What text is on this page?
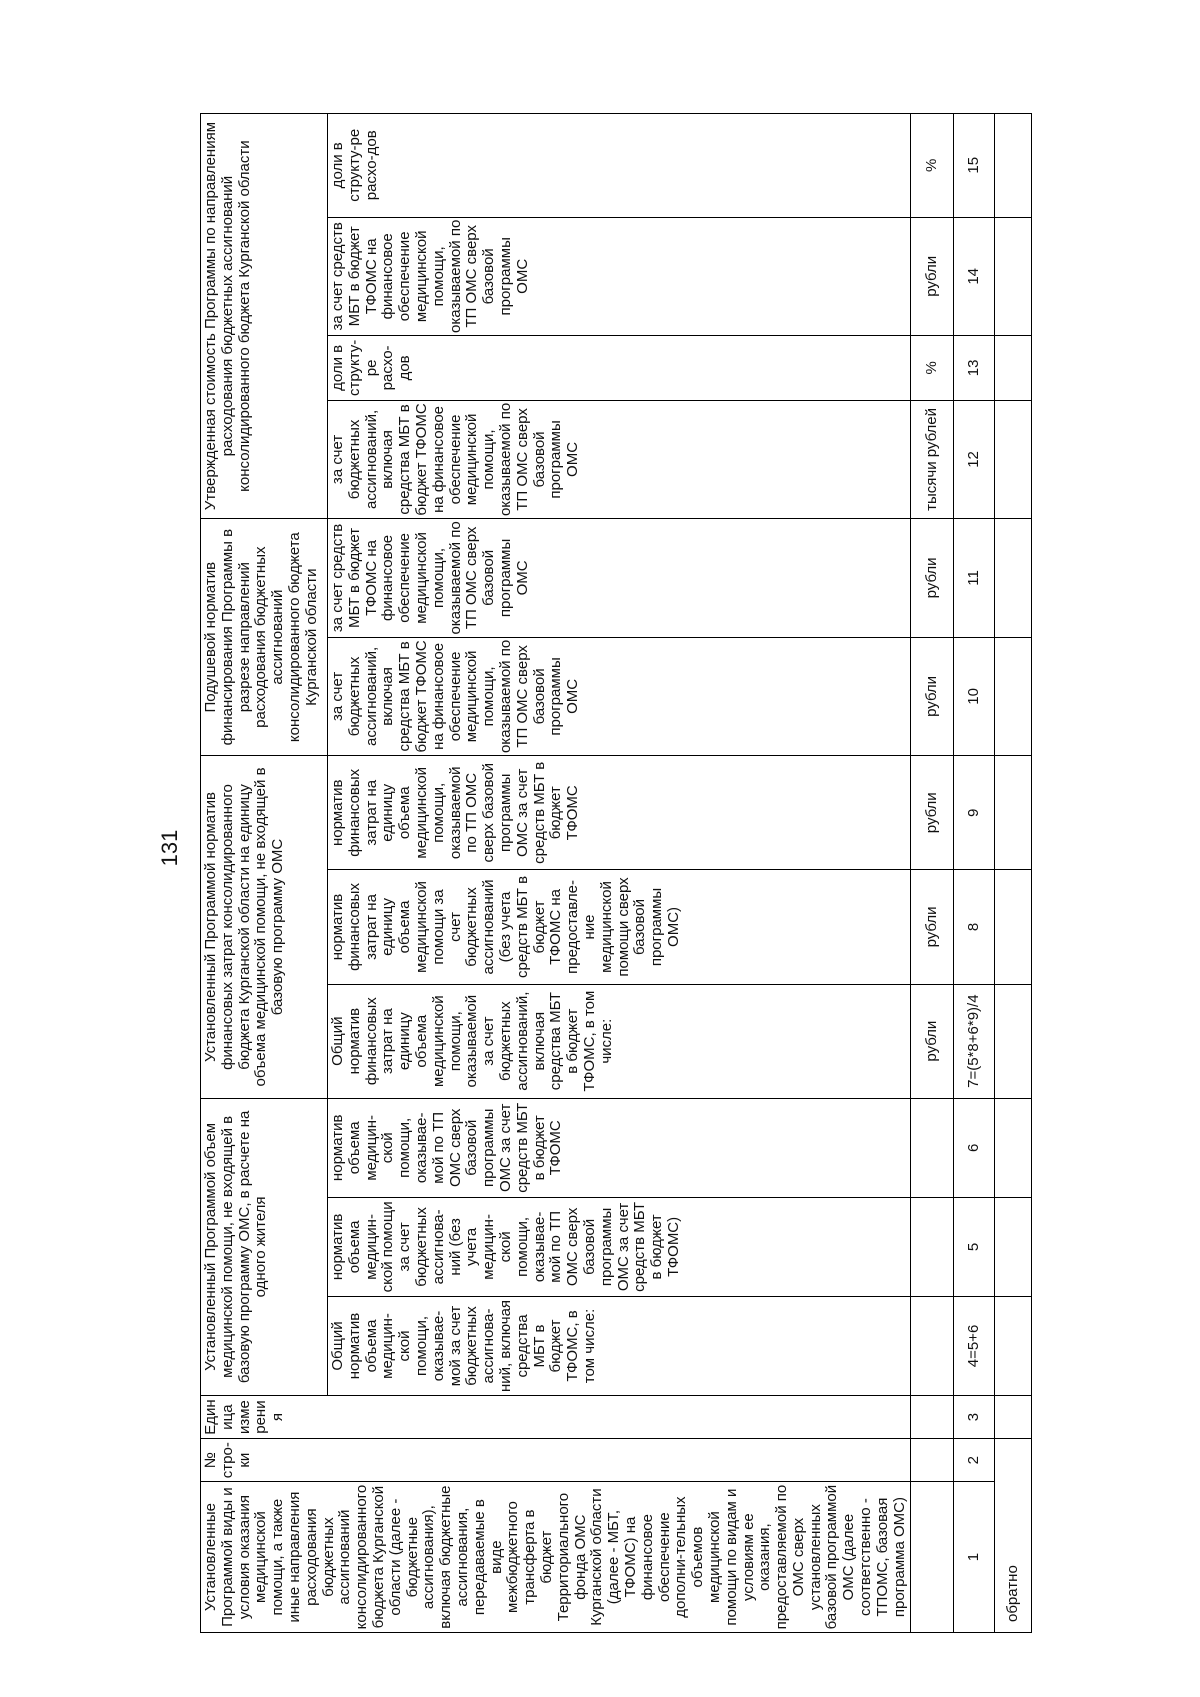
131
Установленные Программой виды и условия оказания медицинской помощи, а также иные направления расходования бюджетных ассигнований консолидированного бюджета Курганской области (далее - бюджетные ассигнования), включая бюджетные ассигнования, передаваемые в виде межбюджетного трансферта в бюджет Территориального фонда ОМС Курганской области (далее - МБТ, ТФОМС) на финансовое обеспечение дополни-тельных объемов медицинской помощи по видам и условиям ее оказания, предоставляемой по ОМС сверх установленных базовой программой ОМС (далее соответственно - ТПОМС, базовая программа ОМС)	№ стро-ки	Единица измерени я	Установленный Программой объем медицинской помощи, не входящей в базовую программу ОМС, в расчете на одного жителя			Установленный Программой норматив финансовых затрат консолидированного бюджета Курганской области на единицу объема медицинской помощи, не входящей в базовую программу ОМС			Подушевой норматив финансирования Программы в разрезе направлений расходования бюджетных ассигнований консолидированного бюджета Курганской области		Утвержденная стоимость Программы по направлениям расходования бюджетных ассигнований консолидированного бюджета Курганской области			
			Общий норматив объема медицин-ской помощи, оказывае-мой за счет бюджетных ассигнова-ний, включая средства МБТ в бюджет ТФОМС, в том числе:	норматив объема медицин-ской помощи за счет бюджетных ассигнова-ний (без учета медицин-ской помощи, оказывае-мой по ТП ОМС сверх базовой программы ОМС за счет средств МБТ в бюджет ТФОМС)	норматив объема медицин-ской помощи, оказывае-мой по ТП ОМС сверх базовой программы ОМС за счет средств МБТ в бюджет ТФОМС	Общий норматив финансовых затрат на единицу объема медицинской помощи, оказываемой за счет бюджетных ассигнований, включая средства МБТ в бюджет ТФОМС, в том числе:	норматив финансовых затрат на единицу объема медицинской помощи за счет бюджетных ассигнований (без учета средств МБТ в бюджет ТФОМС на предоставле-ние медицинской помощи сверх базовой программы ОМС)	норматив финансовых затрат на единицу объема медицинской помощи, оказываемой по ТП ОМС сверх базовой программы ОМС за счет средств МБТ в бюджет ТФОМС	за счет бюджетных ассигнований, включая средства МБТ в бюджет ТФОМС на финансовое обеспечение медицинской помощи, оказываемой по ТП ОМС сверх базовой программы ОМС	за счет средств МБТ в бюджет ТФОМС на финансовое обеспечение медицинской помощи, оказываемой по ТП ОМС сверх базовой программы ОМС	за счет бюджетных ассигнований, включая средства МБТ в бюджет ТФОМС на финансовое обеспечение медицинской помощи, оказываемой по ТП ОМС сверх базовой программы ОМС	доли в структу-ре расхо-дов	за счет средств МБТ в бюджет ТФОМС на финансовое обеспечение медицинской помощи, оказываемой по ТП ОМС сверх базовой программы ОМС	доли в структу-ре расхо-дов
						рубли	рубли	рубли	рубли	рубли	тысячи рублей	%	рубли	%
1	2	3	4=5+6	5	6	7=(5*8+6*9)/4	8	9	10	11	12	13	14	15
обратно														
